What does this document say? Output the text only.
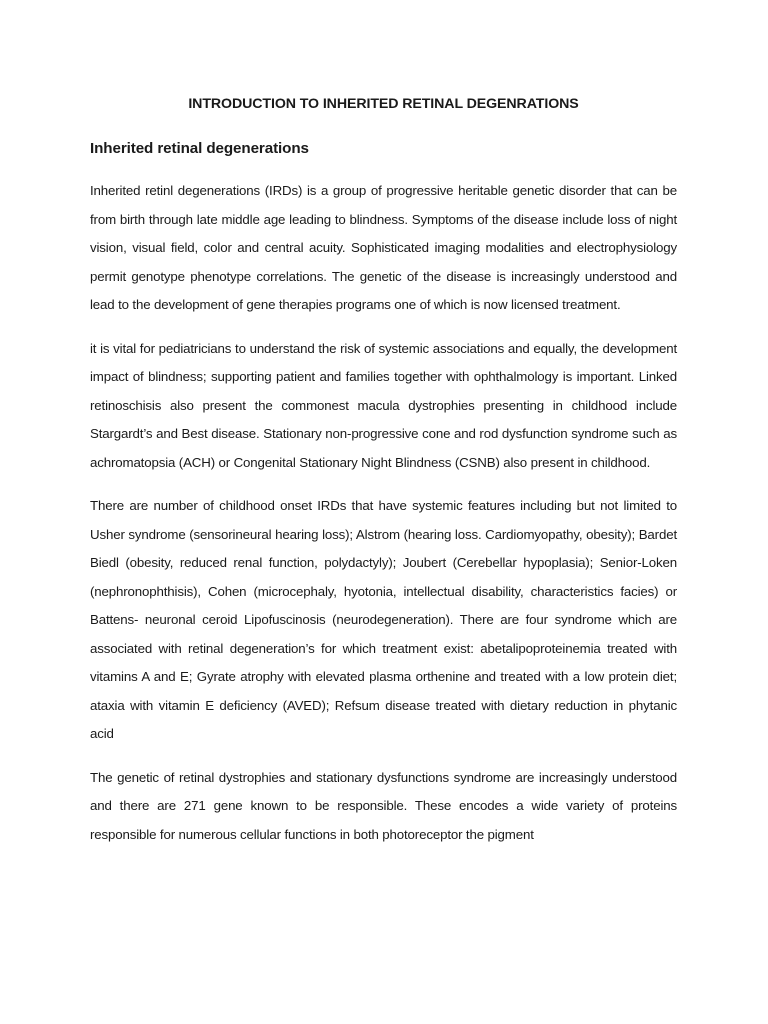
INTRODUCTION TO INHERITED RETINAL DEGENRATIONS
Inherited retinal degenerations

Inherited retinl degenerations (IRDs) is a group of progressive heritable genetic disorder that can be from birth through late middle age leading to blindness. Symptoms of the disease include loss of night vision, visual field, color and central acuity. Sophisticated imaging modalities and electrophysiology permit genotype phenotype correlations. The genetic of the disease is increasingly understood and lead to the development of gene therapies programs one of which is now licensed treatment.

it is vital for pediatricians to understand the risk of systemic associations and equally, the development impact of blindness; supporting patient and families together with ophthalmology is important. Linked retinoschisis also present the commonest macula dystrophies presenting in childhood include Stargardt’s and Best disease. Stationary non-progressive cone and rod dysfunction syndrome such as achromatopsia (ACH) or Congenital Stationary Night Blindness (CSNB) also present in childhood.

There are number of childhood onset IRDs that have systemic features including but not limited to Usher syndrome (sensorineural hearing loss); Alstrom (hearing loss. Cardiomyopathy, obesity); Bardet Biedl (obesity, reduced renal function, polydactyly); Joubert (Cerebellar hypoplasia); Senior-Loken (nephronophthisis), Cohen (microcephaly, hyotonia, intellectual disability, characteristics facies) or Battens- neuronal ceroid Lipofuscinosis (neurodegeneration). There are four syndrome which are associated with retinal degeneration’s for which treatment exist: abetalipoproteinemia treated with vitamins A and E; Gyrate atrophy with elevated plasma orthenine and treated with a low protein diet; ataxia with vitamin E deficiency (AVED); Refsum disease treated with dietary reduction in phytanic acid

The genetic of retinal dystrophies and stationary dysfunctions syndrome are increasingly understood and there are 271 gene known to be responsible. These encodes a wide variety of proteins responsible for numerous cellular functions in both photoreceptor the pigment
